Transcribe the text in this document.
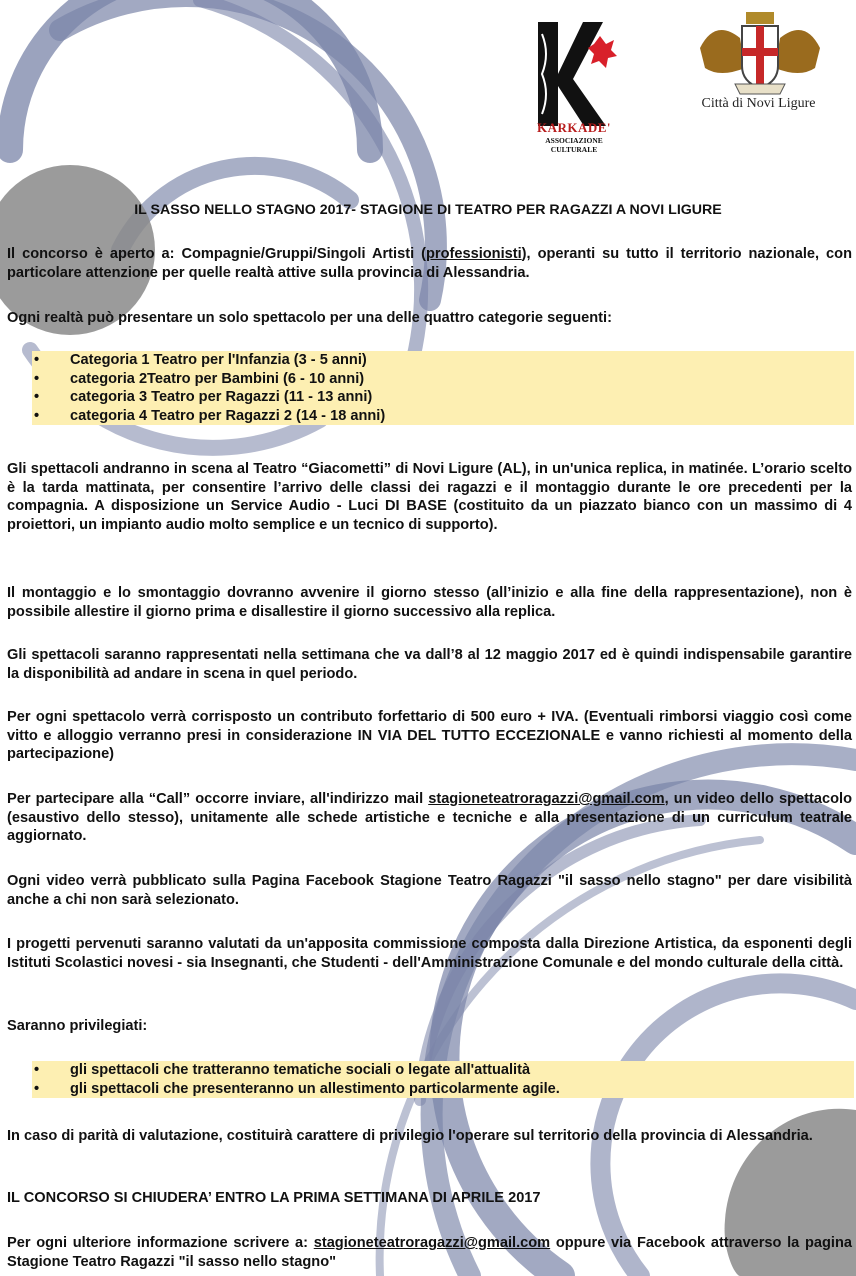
KARKADE'
ASSOCIAZIONE CULTURALE
Città di Novi Ligure
IL SASSO NELLO STAGNO 2017- STAGIONE DI TEATRO PER RAGAZZI A NOVI LIGURE
Il concorso è aperto a: Compagnie/Gruppi/Singoli Artisti (professionisti), operanti su tutto il territorio nazionale, con particolare attenzione per quelle realtà attive sulla provincia di Alessandria.
Ogni realtà può presentare un solo spettacolo per una delle quattro categorie seguenti:
• Categoria 1 Teatro per l'Infanzia (3 - 5 anni)
• categoria 2Teatro per Bambini (6 - 10 anni)
• categoria 3 Teatro per Ragazzi (11 - 13 anni)
• categoria 4 Teatro per Ragazzi 2 (14 - 18 anni)
Gli spettacoli andranno in scena al Teatro “Giacometti” di Novi Ligure (AL), in un'unica replica, in matinée. L’orario scelto è la tarda mattinata, per consentire l’arrivo delle classi dei ragazzi e il montaggio durante le ore precedenti per la compagnia. A disposizione un Service Audio - Luci DI BASE (costituito da un piazzato bianco con un massimo di 4 proiettori, un impianto audio molto semplice e un tecnico di supporto).
Il montaggio e lo smontaggio dovranno avvenire il giorno stesso (all’inizio e alla fine della rappresentazione), non è possibile allestire il giorno prima e disallestire il giorno successivo alla replica.
Gli spettacoli saranno rappresentati nella settimana che va dall’8 al 12 maggio 2017 ed è quindi indispensabile garantire la disponibilità ad andare in scena in quel periodo.
Per ogni spettacolo verrà corrisposto un contributo forfettario di 500 euro + IVA. (Eventuali rimborsi viaggio così come vitto e alloggio verranno presi in considerazione IN VIA DEL TUTTO ECCEZIONALE e vanno richiesti al momento della partecipazione)
Per partecipare alla “Call” occorre inviare, all'indirizzo mail stagioneteatroragazzi@gmail.com, un video dello spettacolo (esaustivo dello stesso), unitamente alle schede artistiche e tecniche e alla presentazione di un curriculum teatrale aggiornato.
Ogni video verrà pubblicato sulla Pagina Facebook Stagione Teatro Ragazzi "il sasso nello stagno" per dare visibilità anche a chi non sarà selezionato.
I progetti pervenuti saranno valutati da un'apposita commissione composta dalla Direzione Artistica, da esponenti degli Istituti Scolastici novesi - sia Insegnanti, che Studenti - dell'Amministrazione Comunale e del mondo culturale della città.
Saranno privilegiati:
• gli spettacoli che tratteranno tematiche sociali o legate all'attualità
• gli spettacoli che presenteranno un allestimento particolarmente agile.
In caso di parità di valutazione, costituirà carattere di privilegio l'operare sul territorio della provincia di Alessandria.
IL CONCORSO SI CHIUDERA’ ENTRO LA PRIMA SETTIMANA DI APRILE 2017
Per ogni ulteriore informazione scrivere a: stagioneteatroragazzi@gmail.com oppure via Facebook attraverso la pagina Stagione Teatro Ragazzi "il sasso nello stagno"
